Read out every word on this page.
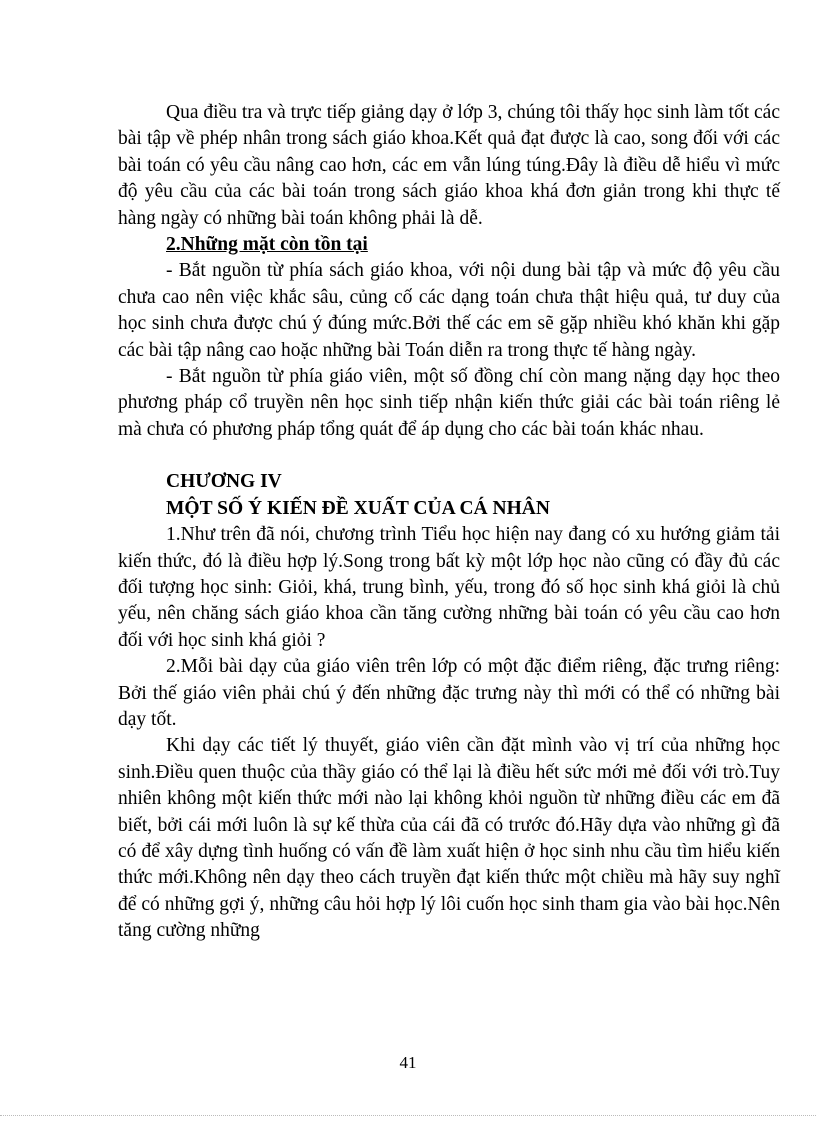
Qua điều tra và trực tiếp giảng dạy ở lớp 3, chúng tôi thấy học sinh làm tốt các bài tập về phép nhân trong sách giáo khoa.Kết quả đạt được là cao, song đối với các bài toán có yêu cầu nâng cao hơn, các em vẫn lúng túng.Đây là điều dễ hiểu vì mức độ yêu cầu của các bài toán trong sách giáo khoa khá đơn giản trong khi thực tế hàng ngày có những bài toán không phải là dễ.

2.Những mặt còn tồn tại

- Bắt nguồn từ phía sách giáo khoa, với nội dung bài tập và mức độ yêu cầu chưa cao nên việc khắc sâu, củng cố các dạng toán chưa thật hiệu quả, tư duy của học sinh chưa được chú ý đúng mức.Bởi thế các em sẽ gặp nhiều khó khăn khi gặp các bài tập nâng cao hoặc những bài Toán diễn ra trong thực tế hàng ngày.

- Bắt nguồn từ phía giáo viên, một số đồng chí còn mang nặng dạy học theo phương pháp cổ truyền nên học sinh tiếp nhận kiến thức giải các bài toán riêng lẻ mà chưa có phương pháp tổng quát để áp dụng cho các bài toán khác nhau.

CHƯƠNG IV

MỘT SỐ Ý KIẾN ĐỀ XUẤT CỦA CÁ NHÂN

1.Như trên đã nói, chương trình Tiểu học hiện nay đang có xu hướng giảm tải kiến thức, đó là điều hợp lý.Song trong bất kỳ một lớp học nào cũng có đầy đủ các đối tượng học sinh: Giỏi, khá, trung bình, yếu, trong đó số học sinh khá giỏi là chủ yếu, nên chăng sách giáo khoa cần tăng cường những bài toán có yêu cầu cao hơn đối với học sinh khá giỏi ?

2.Mỗi bài dạy của giáo viên trên lớp có một đặc điểm riêng, đặc trưng riêng: Bởi thế giáo viên phải chú ý đến những đặc trưng này thì mới có thể có những bài dạy tốt.

Khi dạy các tiết lý thuyết, giáo viên cần đặt mình vào vị trí của những học sinh.Điều quen thuộc của thầy giáo có thể lại là điều hết sức mới mẻ đối với trò.Tuy nhiên không một kiến thức mới nào lại không khỏi nguồn từ những điều các em đã biết, bởi cái mới luôn là sự kế thừa của cái đã có trước đó.Hãy dựa vào những gì đã có để xây dựng tình huống có vấn đề làm xuất hiện ở học sinh nhu cầu tìm hiểu kiến thức mới.Không nên dạy theo cách truyền đạt kiến thức một chiều mà hãy suy nghĩ để có những gợi ý, những câu hỏi hợp lý lôi cuốn học sinh tham gia vào bài học.Nên tăng cường những

41
